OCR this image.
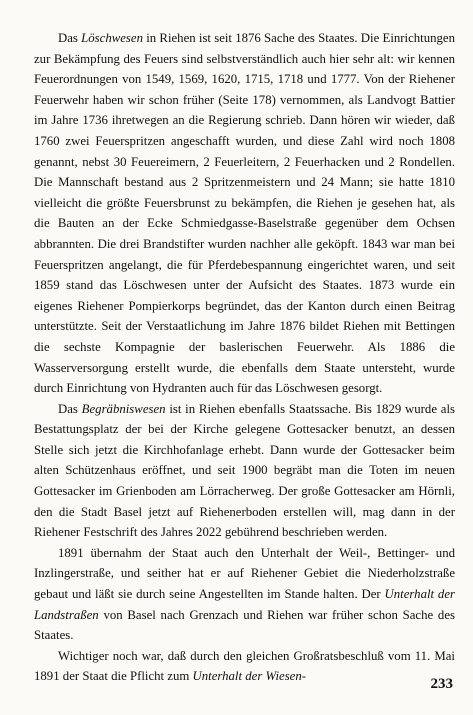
Das Löschwesen in Riehen ist seit 1876 Sache des Staates. Die Einrichtungen zur Bekämpfung des Feuers sind selbstverständlich auch hier sehr alt: wir kennen Feuerordnungen von 1549, 1569, 1620, 1715, 1718 und 1777. Von der Riehener Feuerwehr haben wir schon früher (Seite 178) vernommen, als Landvogt Battier im Jahre 1736 ihretwegen an die Regierung schrieb. Dann hören wir wieder, daß 1760 zwei Feuerspritzen angeschafft wurden, und diese Zahl wird noch 1808 genannt, nebst 30 Feuereimern, 2 Feuerleitern, 2 Feuerhacken und 2 Rondellen. Die Mannschaft bestand aus 2 Spritzenmeistern und 24 Mann; sie hatte 1810 vielleicht die größte Feuersbrunst zu bekämpfen, die Riehen je gesehen hat, als die Bauten an der Ecke Schmiedgasse-Baselstraße gegenüber dem Ochsen abbrannten. Die drei Brandstifter wurden nachher alle geköpft. 1843 war man bei Feuerspritzen angelangt, die für Pferdebespannung eingerichtet waren, und seit 1859 stand das Löschwesen unter der Aufsicht des Staates. 1873 wurde ein eigenes Riehener Pompierkorps begründet, das der Kanton durch einen Beitrag unterstützte. Seit der Verstaatlichung im Jahre 1876 bildet Riehen mit Bettingen die sechste Kompagnie der baslerischen Feuerwehr. Als 1886 die Wasserversorgung erstellt wurde, die ebenfalls dem Staate untersteht, wurde durch Einrichtung von Hydranten auch für das Löschwesen gesorgt.

Das Begräbniswesen ist in Riehen ebenfalls Staatssache. Bis 1829 wurde als Bestattungsplatz der bei der Kirche gelegene Gottesacker benutzt, an dessen Stelle sich jetzt die Kirchhofanlage erhebt. Dann wurde der Gottesacker beim alten Schützenhaus eröffnet, und seit 1900 begräbt man die Toten im neuen Gottesacker im Grienboden am Lörracherweg. Der große Gottesacker am Hörnli, den die Stadt Basel jetzt auf Riehenerboden erstellen will, mag dann in der Riehener Festschrift des Jahres 2022 gebührend beschrieben werden.

1891 übernahm der Staat auch den Unterhalt der Weil-, Bettinger- und Inzlingerstraße, und seither hat er auf Riehener Gebiet die Niederholzstraße gebaut und läßt sie durch seine Angestellten im Stande halten. Der Unterhalt der Landstraßen von Basel nach Grenzach und Riehen war früher schon Sache des Staates.

Wichtiger noch war, daß durch den gleichen Großratsbeschluß vom 11. Mai 1891 der Staat die Pflicht zum Unterhalt der Wiesen-	233
